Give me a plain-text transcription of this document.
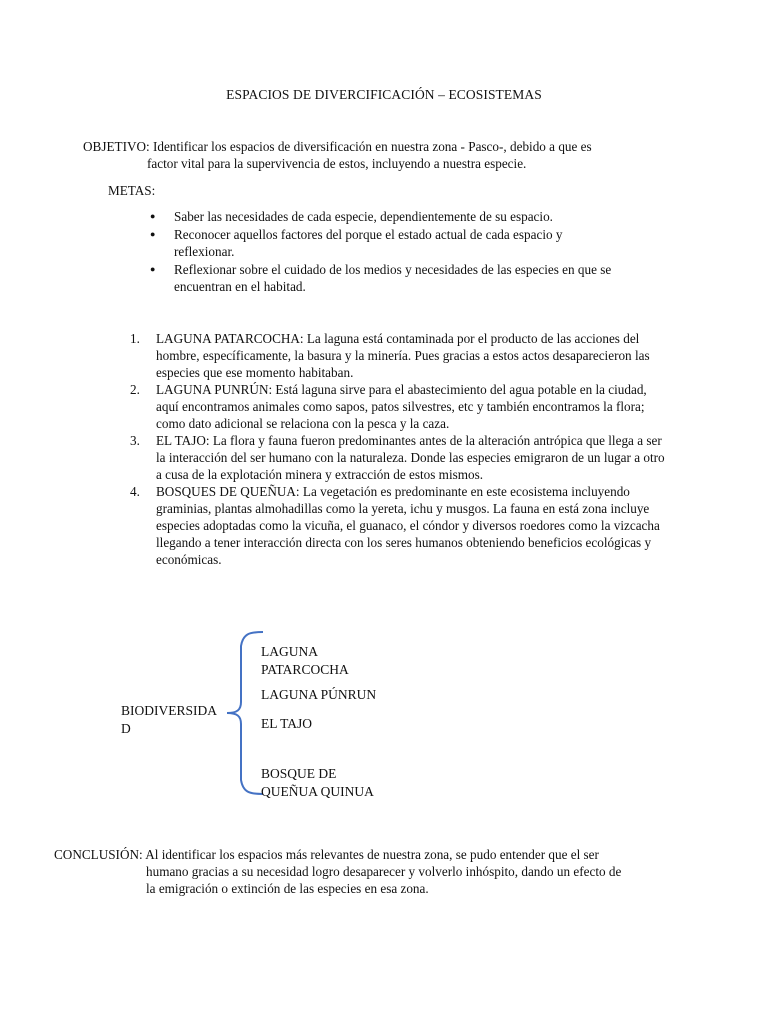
ESPACIOS DE DIVERCIFICACIÓN – ECOSISTEMAS
OBJETIVO: Identificar los espacios de diversificación en nuestra zona - Pasco-, debido a que es
factor vital para la supervivencia de estos, incluyendo a nuestra especie.
METAS:
● Saber las necesidades de cada especie, dependientemente de su espacio.
● Reconocer aquellos factores del porque el estado actual de cada espacio y reflexionar.
● Reflexionar sobre el cuidado de los medios y necesidades de las especies en que se encuentran en el habitad.
1. LAGUNA PATARCOCHA: La laguna está contaminada por el producto de las acciones del hombre, específicamente, la basura y la minería. Pues gracias a estos actos desaparecieron las especies que ese momento habitaban.
2. LAGUNA PUNRÚN: Está laguna sirve para el abastecimiento del agua potable en la ciudad, aquí encontramos animales como sapos, patos silvestres, etc y también encontramos la flora; como dato adicional se relaciona con la pesca y la caza.
3. EL TAJO: La flora y fauna fueron predominantes antes de la alteración antrópica que llega a ser la interacción del ser humano con la naturaleza. Donde las especies emigraron de un lugar a otro a cusa de la explotación minera y extracción de estos mismos.
4. BOSQUES DE QUEÑUA: La vegetación es predominante en este ecosistema incluyendo graminias, plantas almohadillas como la yereta, ichu y musgos. La fauna en está zona incluye especies adoptadas como la vicuña, el guanaco, el cóndor y diversos roedores como la vizcacha llegando a tener interacción directa con los seres humanos obteniendo beneficios ecológicas y económicas.
BIODIVERSIDAD
LAGUNA PATARCOCHA
LAGUNA PÚNRUN
EL TAJO
BOSQUE DE QUEÑUA QUINUA
CONCLUSIÓN: Al identificar los espacios más relevantes de nuestra zona, se pudo entender que el ser
humano gracias a su necesidad logro desaparecer y volverlo inhóspito, dando un efecto de
la emigración o extinción de las especies en esa zona.
